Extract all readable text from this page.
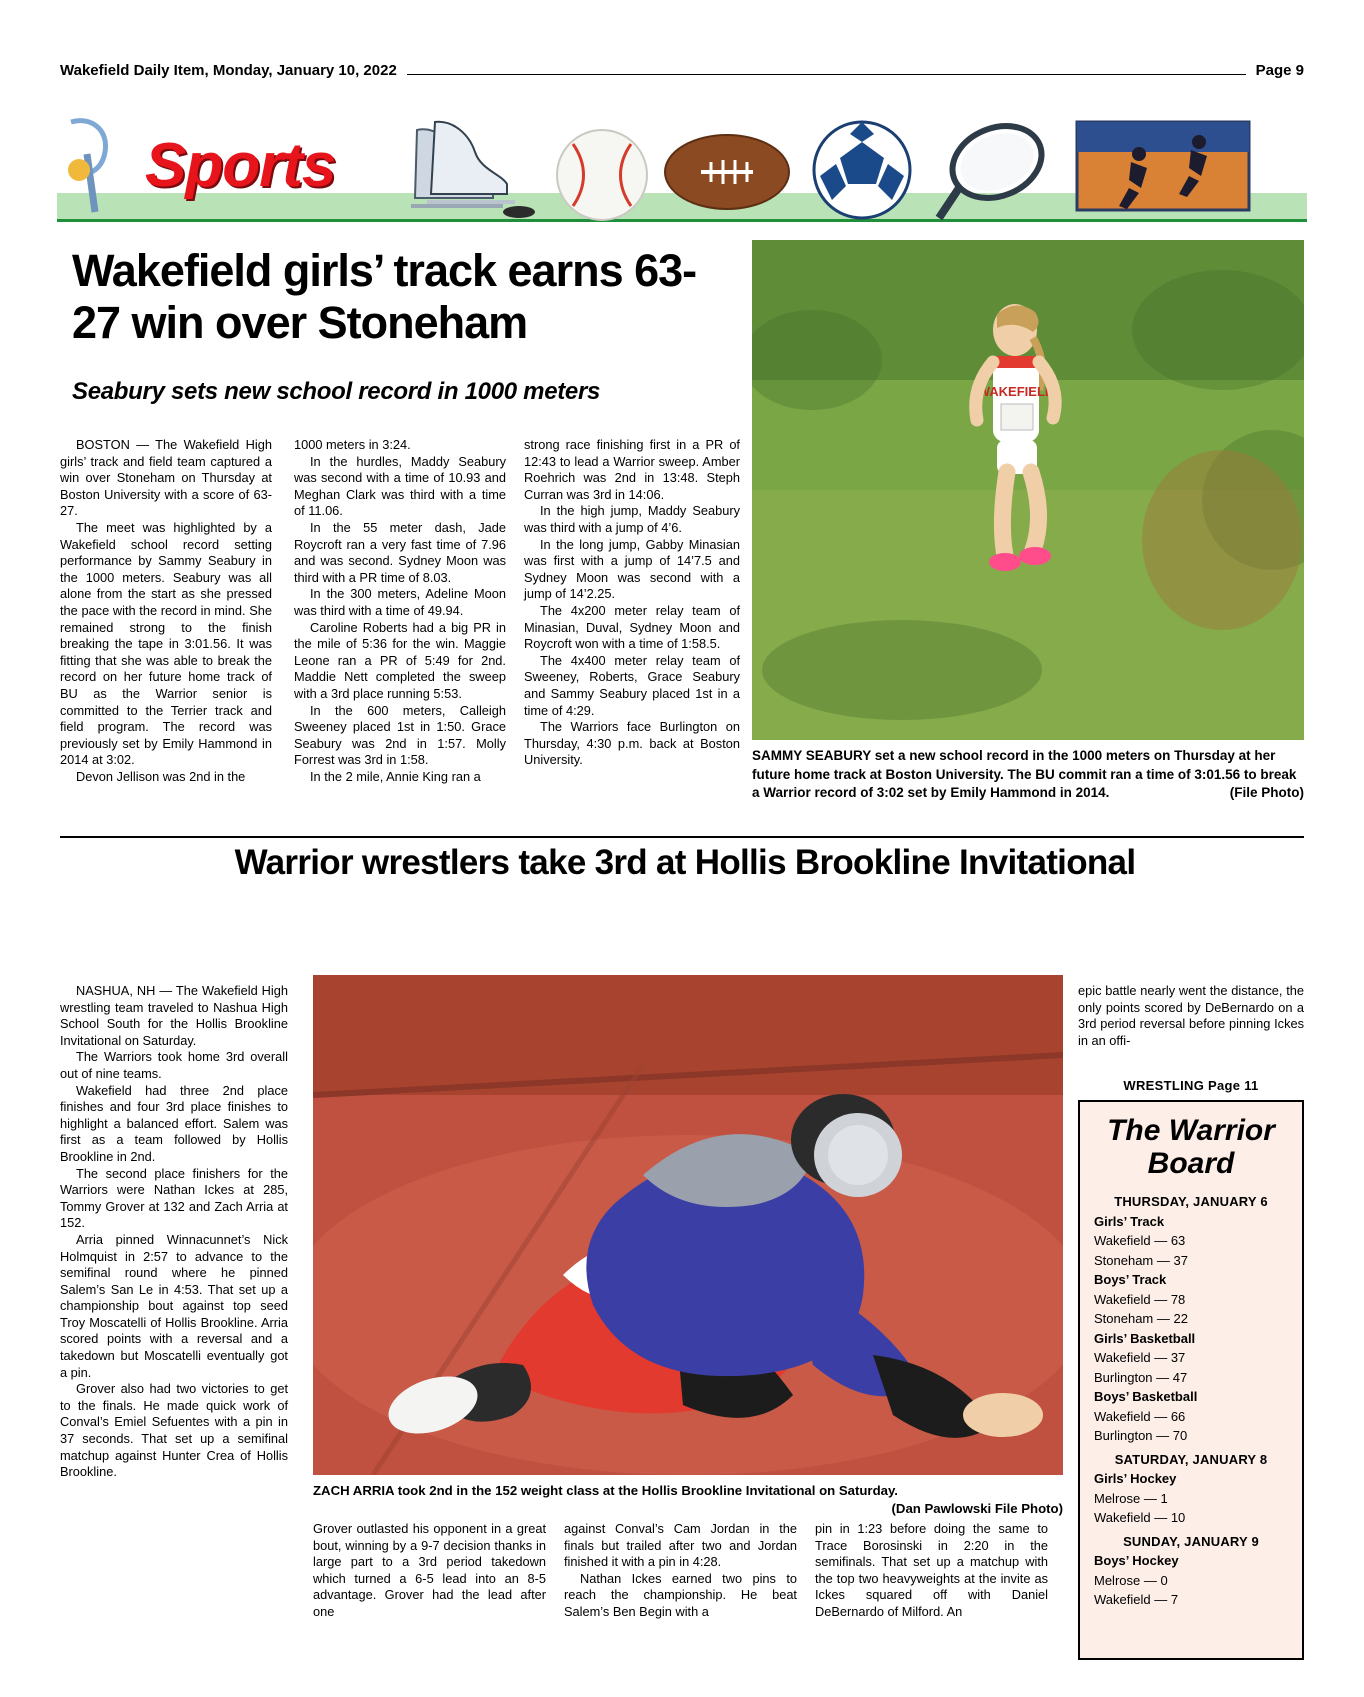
Wakefield Daily Item, Monday, January 10, 2022	Page 9
Sports
Wakefield girls’ track earns 63-27 win over Stoneham
Seabury sets new school record in 1000 meters	WAKEFIELD
SAMMY SEABURY set a new school record in the 1000 meters on Thursday at her future home track at Boston University. The BU commit ran a time of 3:01.56 to break a Warrior record of 3:02 set by Emily Hammond in 2014.	(File Photo)

BOSTON — The Wakefield High girls’ track and field team captured a win over Stoneham on Thursday at Boston University with a score of 63-27.

The meet was highlighted by a Wakefield school record setting performance by Sammy Seabury in the 1000 meters. Seabury was all alone from the start as she pressed the pace with the record in mind. She remained strong to the finish breaking the tape in 3:01.56. It was fitting that she was able to break the record on her future home track of BU as the Warrior senior is committed to the Terrier track and field program. The record was previously set by Emily Hammond in 2014 at 3:02.

Devon Jellison was 2nd in the

1000 meters in 3:24.

In the hurdles, Maddy Seabury was second with a time of 10.93 and Meghan Clark was third with a time of 11.06.

In the 55 meter dash, Jade Roycroft ran a very fast time of 7.96 and was second. Sydney Moon was third with a PR time of 8.03.

In the 300 meters, Adeline Moon was third with a time of 49.94.

Caroline Roberts had a big PR in the mile of 5:36 for the win. Maggie Leone ran a PR of 5:49 for 2nd. Maddie Nett completed the sweep with a 3rd place running 5:53.

In the 600 meters, Calleigh Sweeney placed 1st in 1:50. Grace Seabury was 2nd in 1:57. Molly Forrest was 3rd in 1:58.

In the 2 mile, Annie King ran a

strong race finishing first in a PR of 12:43 to lead a Warrior sweep. Amber Roehrich was 2nd in 13:48. Steph Curran was 3rd in 14:06.

In the high jump, Maddy Seabury was third with a jump of 4’6.

In the long jump, Gabby Minasian was first with a jump of 14’7.5 and Sydney Moon was second with a jump of 14’2.25.

The 4x200 meter relay team of Minasian, Duval, Sydney Moon and Roycroft won with a time of 1:58.5.

The 4x400 meter relay team of Sweeney, Roberts, Grace Seabury and Sammy Seabury placed 1st in a time of 4:29.

The Warriors face Burlington on Thursday, 4:30 p.m. back at Boston University.

Warrior wrestlers take 3rd at Hollis Brookline Invitational

NASHUA, NH — The Wakefield High wrestling team traveled to Nashua High School South for the Hollis Brookline Invitational on Saturday.

The Warriors took home 3rd overall out of nine teams.

Wakefield had three 2nd place finishes and four 3rd place finishes to highlight a balanced effort. Salem was first as a team followed by Hollis Brookline in 2nd.

The second place finishers for the Warriors were Nathan Ickes at 285, Tommy Grover at 132 and Zach Arria at 152.

Arria pinned Winnacunnet’s Nick Holmquist in 2:57 to advance to the semifinal round where he pinned Salem’s San Le in 4:53. That set up a championship bout against top seed Troy Moscatelli of Hollis Brookline. Arria scored points with a reversal and a takedown but Moscatelli eventually got a pin.

Grover also had two victories to get to the finals. He made quick work of Conval’s Emiel Sefuentes with a pin in 37 seconds. That set up a semifinal matchup against Hunter Crea of Hollis Brookline.

epic battle nearly went the distance, the only points scored by DeBernardo on a 3rd period reversal before pinning Ickes in an offi-

WRESTLING Page 11
ZACH ARRIA took 2nd in the 152 weight class at the Hollis Brookline Invitational on Saturday.
(Dan Pawlowski File Photo)

Grover outlasted his opponent in a great bout, winning by a 9-7 decision thanks in large part to a 3rd period takedown which turned a 6-5 lead into an 8-5 advantage. Grover had the lead after one

against Conval’s Cam Jordan in the finals but trailed after two and Jordan finished it with a pin in 4:28.

Nathan Ickes earned two pins to reach the championship. He beat Salem’s Ben Begin with a

pin in 1:23 before doing the same to Trace Borosinski in 2:20 in the semifinals. That set up a matchup with the top two heavyweights at the invite as Ickes squared off with Daniel DeBernardo of Milford. An

The Warrior Board
THURSDAY, JANUARY 6
Girls’ Track
Wakefield — 63
Stoneham — 37
Boys’ Track
Wakefield — 78
Stoneham — 22
Girls’ Basketball
Wakefield — 37
Burlington — 47
Boys’ Basketball
Wakefield — 66
Burlington — 70
SATURDAY, JANUARY 8
Girls’ Hockey
Melrose — 1
Wakefield — 10
SUNDAY, JANUARY 9
Boys’ Hockey
Melrose — 0
Wakefield — 7
